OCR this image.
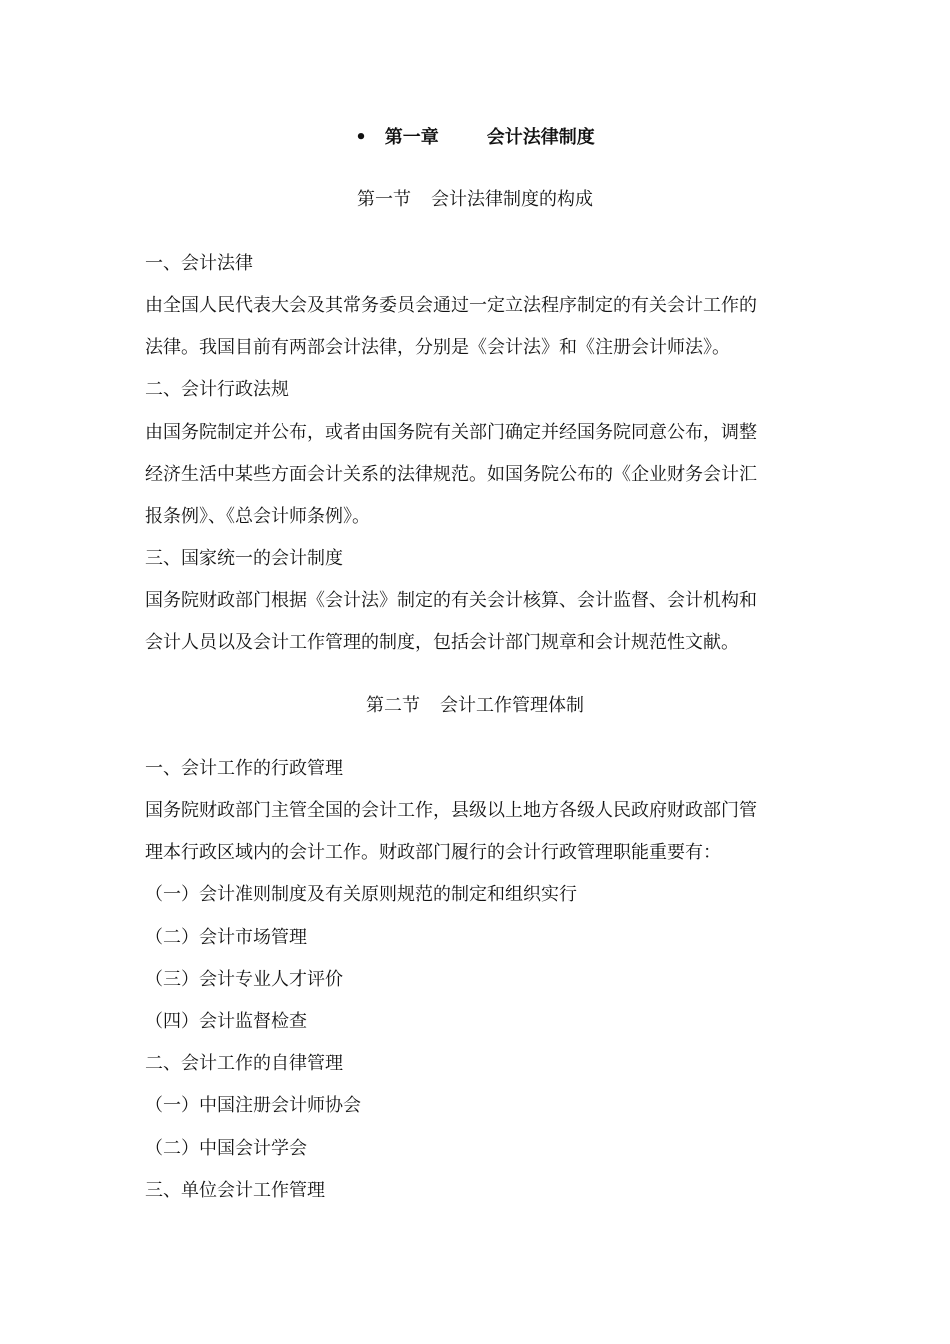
• 第一章	会计法律制度
第一节 会计法律制度的构成
一、会计法律
由全国人民代表大会及其常务委员会通过一定立法程序制定的有关会计工作的
法律。我国目前有两部会计法律，分别是《会计法》和《注册会计师法》。
二、会计行政法规
由国务院制定并公布，或者由国务院有关部门确定并经国务院同意公布，调整
经济生活中某些方面会计关系的法律规范。如国务院公布的《企业财务会计汇
报条例》、《总会计师条例》。
三、国家统一的会计制度
国务院财政部门根据《会计法》制定的有关会计核算、会计监督、会计机构和
会计人员以及会计工作管理的制度，包括会计部门规章和会计规范性文献。
第二节 会计工作管理体制
一、会计工作的行政管理
国务院财政部门主管全国的会计工作，县级以上地方各级人民政府财政部门管
理本行政区域内的会计工作。财政部门履行的会计行政管理职能重要有：
（一）会计准则制度及有关原则规范的制定和组织实行
（二）会计市场管理
（三）会计专业人才评价
（四）会计监督检查
二、会计工作的自律管理
（一）中国注册会计师协会
（二）中国会计学会
三、单位会计工作管理
